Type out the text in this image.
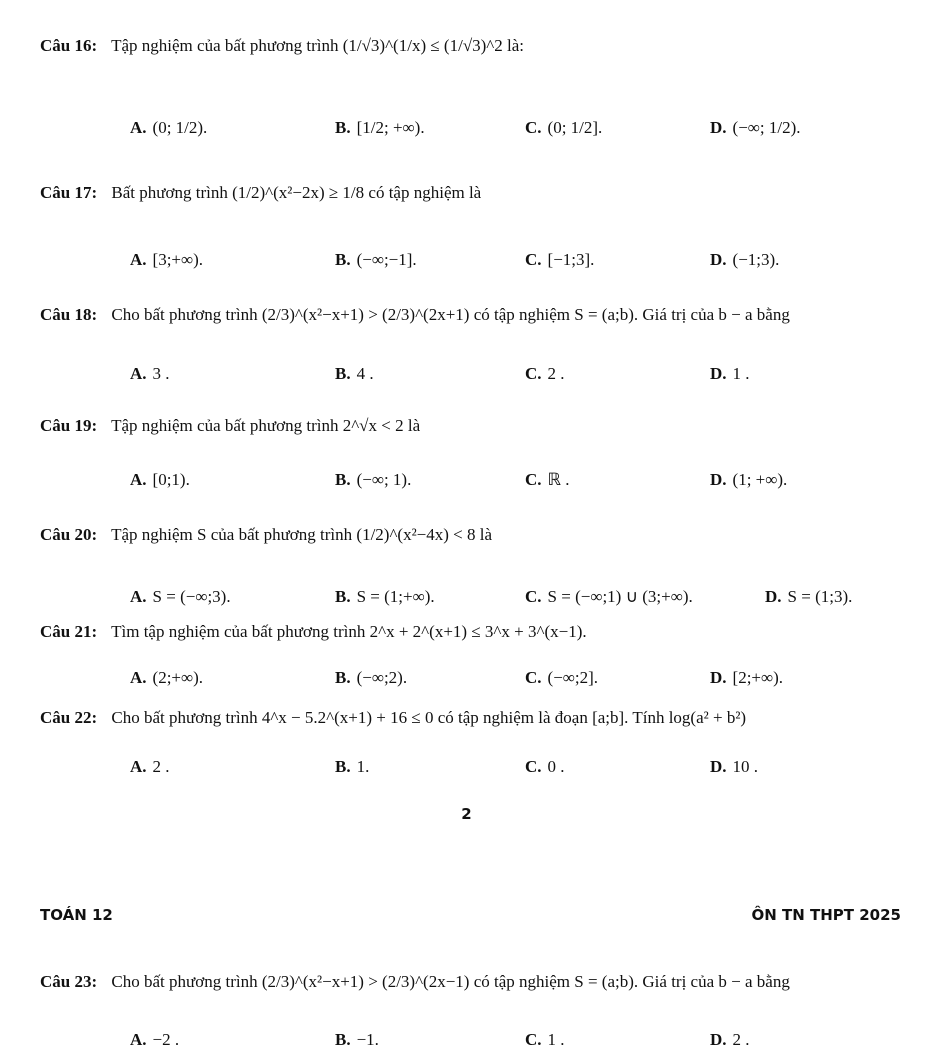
Câu 16: Tập nghiệm của bất phương trình (1/√3)^(1/x) ≤ (1/√3)^2 là:
A. (0; 1/2).	B. [1/2; +∞).	C. (0; 1/2].	D. (−∞; 1/2).
Câu 17: Bất phương trình (1/2)^(x²−2x) ≥ 1/8 có tập nghiệm là
A. [3;+∞).	B. (−∞;−1].	C. [−1;3].	D. (−1;3).
Câu 18: Cho bất phương trình (2/3)^(x²−x+1) > (2/3)^(2x+1) có tập nghiệm S = (a;b). Giá trị của b − a bằng
A. 3 .	B. 4 .	C. 2 .	D. 1 .
Câu 19: Tập nghiệm của bất phương trình 2^√x < 2 là
A. [0;1).	B. (−∞; 1).	C. ℝ .	D. (1; +∞).
Câu 20: Tập nghiệm S của bất phương trình (1/2)^(x²−4x) < 8 là
A. S = (−∞;3).	B. S = (1;+∞).	C. S = (−∞;1) ∪ (3;+∞).	D. S = (1;3).
Câu 21: Tìm tập nghiệm của bất phương trình 2^x + 2^(x+1) ≤ 3^x + 3^(x−1).
A. (2;+∞).	B. (−∞;2).	C. (−∞;2].	D. [2;+∞).
Câu 22: Cho bất phương trình 4^x − 5.2^(x+1) + 16 ≤ 0 có tập nghiệm là đoạn [a;b]. Tính log(a² + b²)
A. 2 .	B. 1.	C. 0 .	D. 10 .
2
TOÁN 12	ÔN TN THPT 2025
Câu 23: Cho bất phương trình (2/3)^(x²−x+1) > (2/3)^(2x−1) có tập nghiệm S = (a;b). Giá trị của b − a bằng
A. −2 .	B. −1.	C. 1 .	D. 2 .
